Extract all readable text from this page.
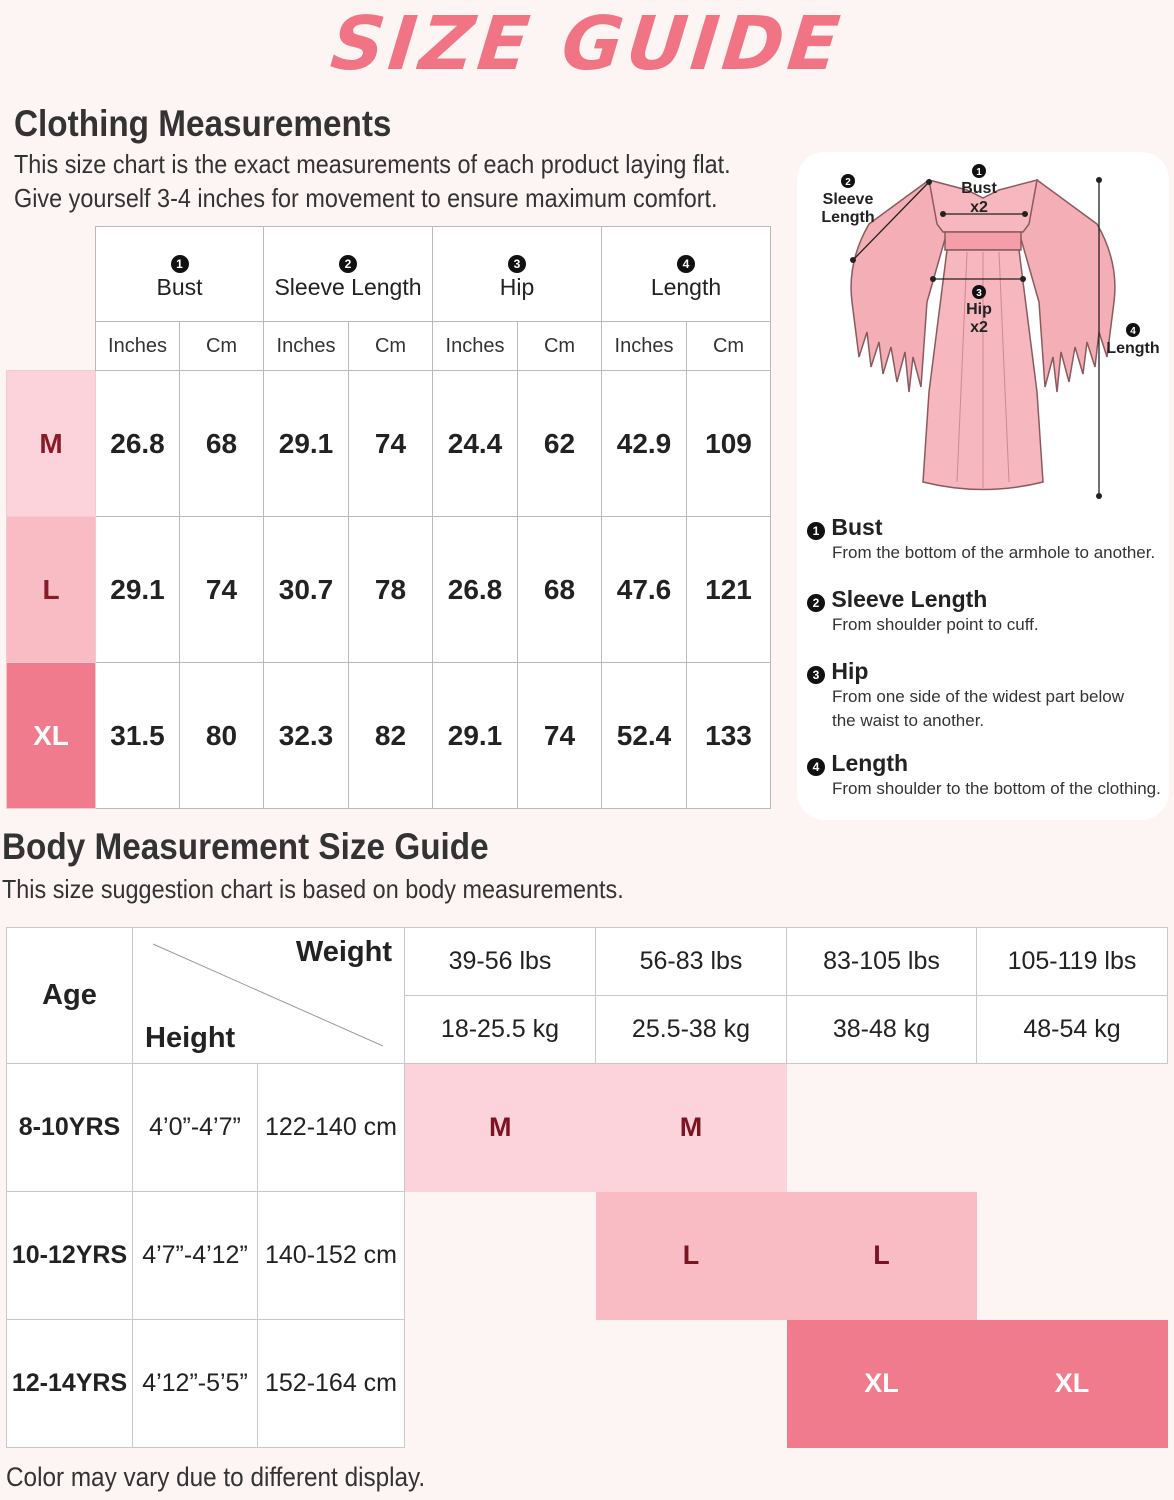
SIZE GUIDE
Clothing Measurements
This size chart is the exact measurements of each product laying flat.
Give yourself 3-4 inches for movement to ensure maximum comfort.
	1
Bust		2
Sleeve Length		3
Hip		4
Length	
	Inches	Cm	Inches	Cm	Inches	Cm	Inches	Cm
M	26.8	68	29.1	74	24.4	62	42.9	109
L	29.1	74	30.7	78	26.8	68	47.6	121
XL	31.5	80	32.3	82	29.1	74	52.4	133
1
Bust
x2
2
Sleeve
Length
3
Hip
x2	4
Length
1 Bust
From the bottom of the armhole to another.
2 Sleeve Length
From shoulder point to cuff.
3 Hip
From one side of the widest part below
the waist to another.
4 Length
From shoulder to the bottom of the clothing.
Body Measurement Size Guide
This size suggestion chart is based on body measurements.
Age	Weight
Height		39-56 lbs	56-83 lbs	83-105 lbs	105-119 lbs
			18-25.5 kg	25.5-38 kg	38-48 kg	48-54 kg
8-10YRS	4’0”-4’7”	122-140 cm	M	M		
10-12YRS	4’7”-4’12”	140-152 cm		L	L	
12-14YRS	4’12”-5’5”	152-164 cm			XL	XL
Color may vary due to different display.
